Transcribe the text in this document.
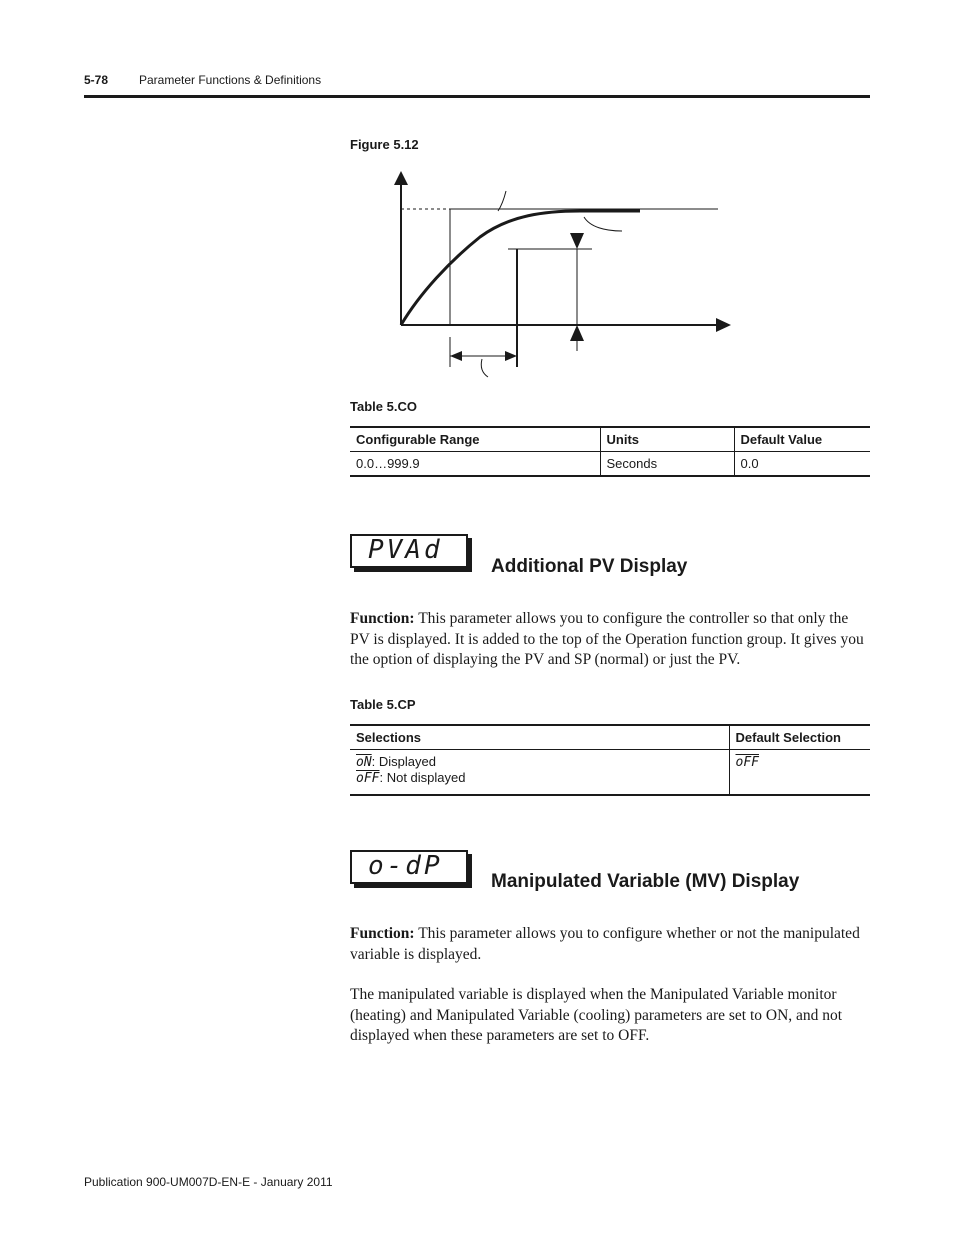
5-78	Parameter Functions & Definitions
Figure 5.12
Table 5.CO
Configurable Range	Units	Default Value
0.0…999.9	Seconds	0.0
PVAd
Additional PV Display
Function: This parameter allows you to configure the controller so that only the PV is displayed. It is added to the top of the Operation function group. It gives you the option of displaying the PV and SP (normal) or just the PV.
Table 5.CP
Selections	Default Selection

$\overline{oN}$: Displayed
$\overline{oFF}$: Not displayed	$\overline{oFF}$
o-dP
Manipulated Variable (MV) Display
Function: This parameter allows you to configure whether or not the manipulated variable is displayed.
The manipulated variable is displayed when the Manipulated Variable monitor (heating) and Manipulated Variable (cooling) parameters are set to ON, and not displayed when these parameters are set to OFF.
Publication 900-UM007D-EN-E - January 2011
